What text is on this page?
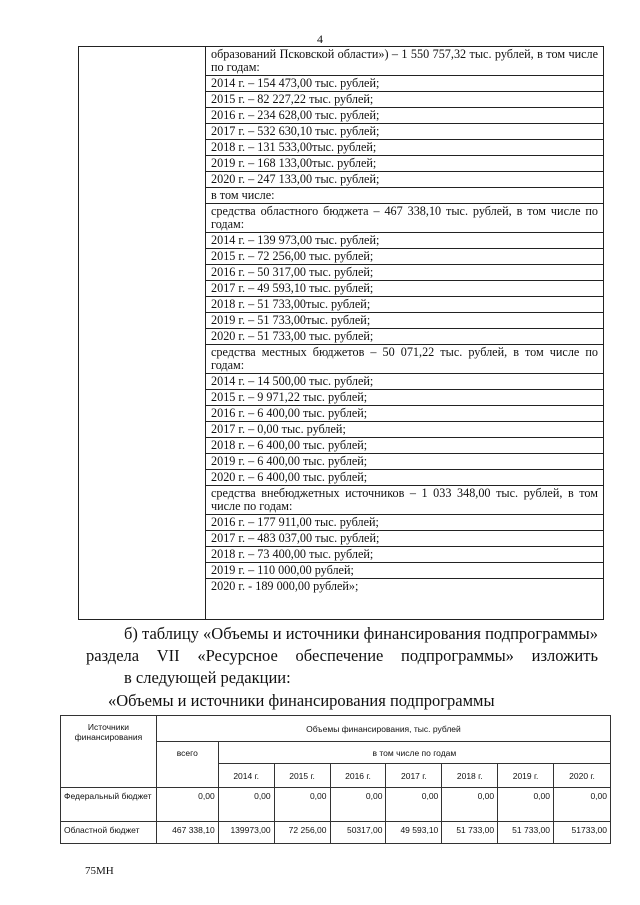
4
образований Псковской области») – 1 550 757,32 тыс. рублей, в том числе по годам:
2014 г. – 154 473,00 тыс. рублей;
2015 г. – 82 227,22 тыс. рублей;
2016 г. – 234 628,00 тыс. рублей;
2017 г. – 532 630,10 тыс. рублей;
2018 г. – 131 533,00тыс. рублей;
2019 г. – 168 133,00тыс. рублей;
2020 г. – 247 133,00 тыс. рублей;
в том числе:
средства областного бюджета – 467 338,10 тыс. рублей, в том числе по годам:
2014 г. – 139 973,00 тыс. рублей;
2015 г. – 72 256,00 тыс. рублей;
2016 г. – 50 317,00 тыс. рублей;
2017 г. – 49 593,10 тыс. рублей;
2018 г. – 51 733,00тыс. рублей;
2019 г. – 51 733,00тыс. рублей;
2020 г. – 51 733,00 тыс. рублей;
средства местных бюджетов – 50 071,22 тыс. рублей, в том числе по годам:
2014 г. – 14 500,00 тыс. рублей;
2015 г. – 9 971,22 тыс. рублей;
2016 г. – 6 400,00 тыс. рублей;
2017 г. – 0,00 тыс. рублей;
2018 г. – 6 400,00 тыс. рублей;
2019 г. – 6 400,00 тыс. рублей;
2020 г. – 6 400,00 тыс. рублей;
средства внебюджетных источников – 1 033 348,00 тыс. рублей, в том числе по годам:
2016 г. – 177 911,00 тыс. рублей;
2017 г. – 483 037,00 тыс. рублей;
2018 г. – 73 400,00 тыс. рублей;
2019 г. – 110 000,00 рублей;
2020 г. - 189 000,00 рублей»;
б) таблицу «Объемы и источники финансирования подпрограммы»
раздела VII «Ресурсное обеспечение подпрограммы» изложить
в следующей редакции:
«Объемы и источники финансирования подпрограммы
Источники финансирования	Объемы финансирования, тыс. рублей							
	всего	в том числе по годам						
		2014 г.	2015 г.	2016 г.	2017 г.	2018 г.	2019 г.	2020 г.
Федеральный бюджет	0,00	0,00	0,00	0,00	0,00	0,00	0,00	0,00
Областной бюджет	467 338,10	139973,00	72 256,00	50317,00	49 593,10	51 733,00	51 733,00	51733,00
75МН
